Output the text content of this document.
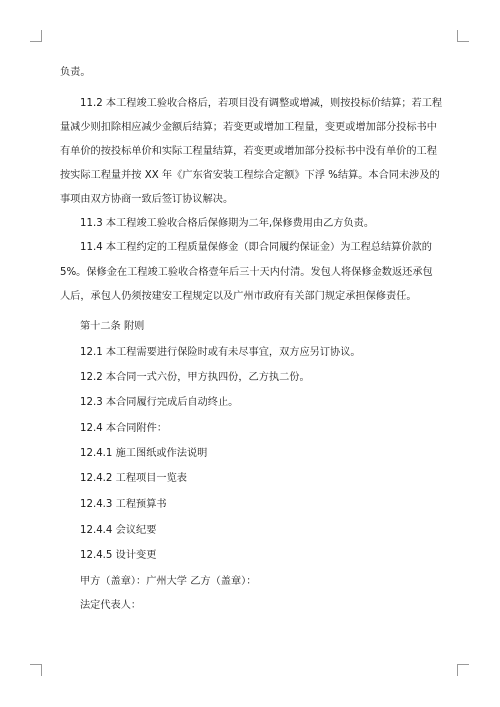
负责。
11.2 本工程竣工验收合格后，若项目没有调整或增减，则按投标价结算；若工程
量减少则扣除相应减少金额后结算；若变更或增加工程量，变更或增加部分投标书中
有单价的按投标单价和实际工程量结算，若变更或增加部分投标书中没有单价的工程
按实际工程量并按 XX 年《广东省安装工程综合定额》下浮 %结算。本合同未涉及的
事项由双方协商一致后签订协议解决。
11.3 本工程竣工验收合格后保修期为二年,保修费用由乙方负责。
11.4 本工程约定的工程质量保修金（即合同履约保证金）为工程总结算价款的
5%。保修金在工程竣工验收合格壹年后三十天内付清。发包人将保修金数返还承包
人后，承包人仍须按建安工程规定以及广州市政府有关部门规定承担保修责任。
第十二条 附则
12.1 本工程需要进行保险时或有未尽事宜，双方应另订协议。
12.2 本合同一式六份，甲方执四份，乙方执二份。
12.3 本合同履行完成后自动终止。
12.4 本合同附件：
12.4.1 施工图纸或作法说明
12.4.2 工程项目一览表
12.4.3 工程预算书
12.4.4 会议纪要
12.4.5 设计变更
甲方（盖章）：广州大学 乙方（盖章）：
法定代表人：
